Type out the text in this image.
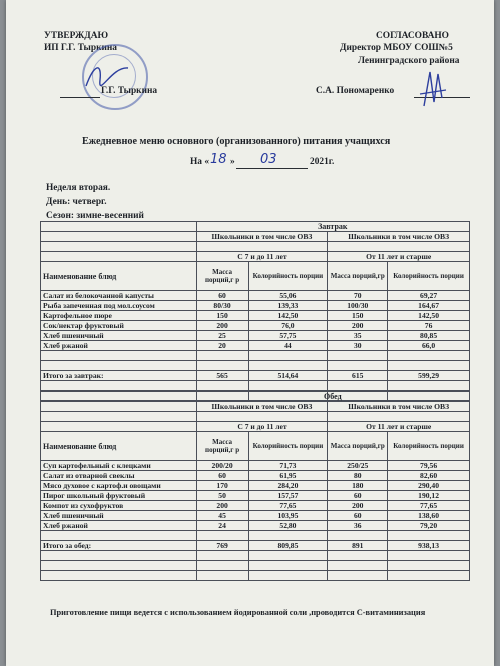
УТВЕРЖДАЮ
ИП Г.Г. Тыркина
Г.Г. Тыркина
СОГЛАСОВАНО
Директор МБОУ СОШ№5
Ленинградского района
С.А. Пономаренко
Ежедневное меню основного (организованного) питания учащихся
На « 18 » 03	2021г.
Неделя вторая.
День: четверг.
Сезон: зимне-весенний
	Завтрак			
	Школьники в том числе ОВЗ		Школьники в том числе ОВЗ	

	С 7 и до 11 лет		От 11 лет и старше	
Наименование блюд	Масса порций,г р	Колорийность порции	Масса порций,гр	Колорийность порции
Салат из белокочанной капусты	60	55,06	70	69,27
Рыба запеченная под мол.соусом	80/30	139,33	100/30	164,67
Картофельное пюре	150	142,50	150	142,50
Сок/нектар фруктовый	200	76,0	200	76
Хлеб пшеничный	25	57,75	35	80,85
Хлеб ржаной	20	44	30	66,0

Итого за завтрак:	565	514,64	615	599,29

	Обед			
	Школьники в том числе ОВЗ		Школьники в том числе ОВЗ	

	С 7 и до 11 лет		От 11 лет и старше	
Наименование блюд	Масса порций,г р	Колорийность порции	Масса порций,гр	Колорийность порции
Суп картофельный с клецками	200/20	71,73	250/25	79,56
Салат из отварной свеклы	60	61,95	80	82,60
Мясо духовое с картоф.и овощами	170	284,20	180	290,40
Пирог школьный фруктовый	50	157,57	60	190,12
Компот из сухофруктов	200	77,65	200	77,65
Хлеб пшеничный	45	103,95	60	138,60
Хлеб ржаной	24	52,80	36	79,20

Итого за обед:	769	809,85	891	938,13

Приготовление пищи ведется с использованием йодированной соли ,проводится С-витаминизация
